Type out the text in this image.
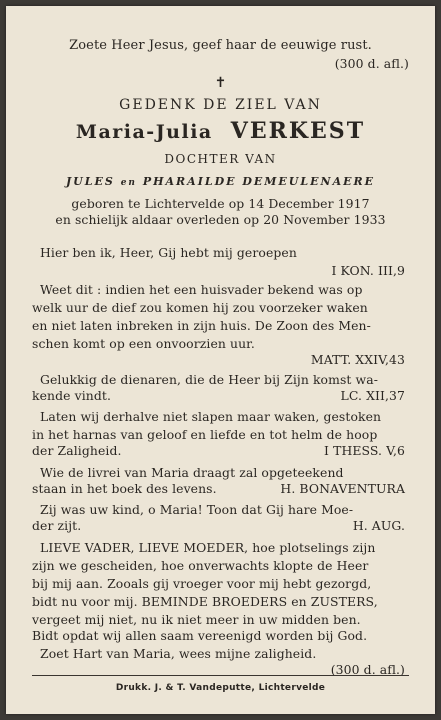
Zoete Heer Jesus, geef haar de eeuwige rust.
(300 d. afl.)
✝
GEDENK DE ZIEL VAN
Maria-Julia VERKEST
DOCHTER VAN
JULES en PHARAILDE DEMEULENAERE
geboren te Lichtervelde op 14 December 1917
en schielijk aldaar overleden op 20 November 1933
Hier ben ik, Heer, Gij hebt mij geroepen
I KON. III,9
Weet dit : indien het een huisvader bekend was op
welk uur de dief zou komen hij zou voorzeker waken
en niet laten inbreken in zijn huis. De Zoon des Men-
schen komt op een onvoorzien uur.
MATT. XXIV,43
Gelukkig de dienaren, die de Heer bij Zijn komst wa-
kende vindt.	LC. XII,37
Laten wij derhalve niet slapen maar waken, gestoken
in het harnas van geloof en liefde en tot helm de hoop
der Zaligheid.	I THESS. V,6
Wie de livrei van Maria draagt zal opgeteekend
staan in het boek des levens.	H. BONAVENTURA
Zij was uw kind, o Maria! Toon dat Gij hare Moe-
der zijt.	H. AUG.
LIEVE VADER, LIEVE MOEDER, hoe plotselings zijn
zijn we gescheiden, hoe onverwachts klopte de Heer
bij mij aan. Zooals gij vroeger voor mij hebt gezorgd,
bidt nu voor mij. BEMINDE BROEDERS en ZUSTERS,
vergeet mij niet, nu ik niet meer in uw midden ben.
Bidt opdat wij allen saam vereenigd worden bij God.
Zoet Hart van Maria, wees mijne zaligheid.
(300 d. afl.)
Drukk. J. & T. Vandeputte, Lichtervelde
